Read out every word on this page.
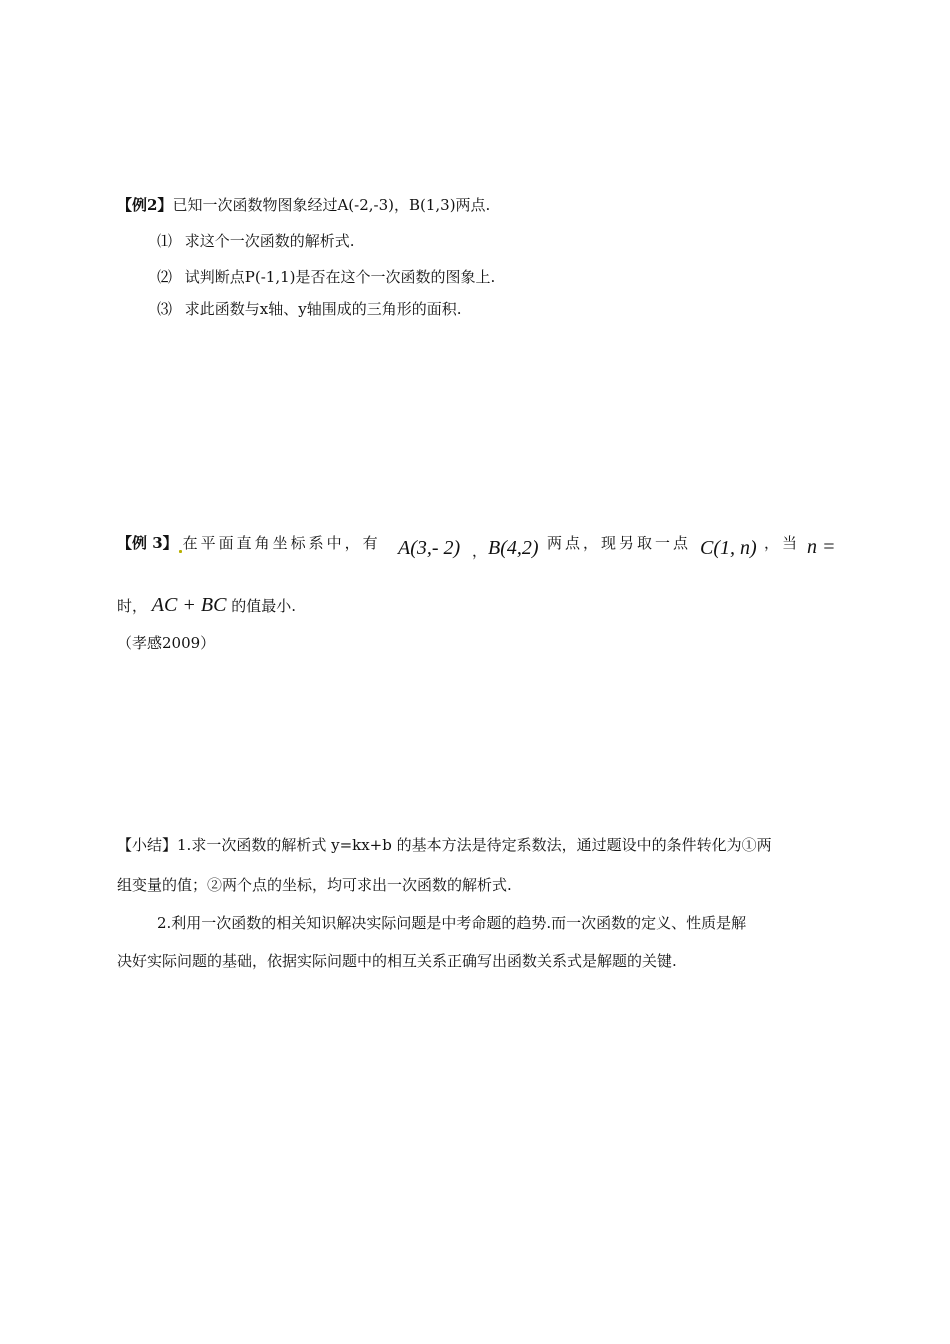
【例2】已知一次函数物图象经过A(-2,-3)，B(1,3)两点.
⑴ 求这个一次函数的解析式.
⑵ 试判断点P(-1,1)是否在这个一次函数的图象上.
⑶ 求此函数与x轴、y轴围成的三角形的面积.
【例 3】 在平面直角坐标系中，有 A(3,- 2) ， B(4,2) 两点，现另取一点 C(1, n) ，当 n =
时， AC + BC 的值最小.
（孝感2009）
【小结】1.求一次函数的解析式 y=kx+b 的基本方法是待定系数法，通过题设中的条件转化为①两
组变量的值；②两个点的坐标，均可求出一次函数的解析式.
2.利用一次函数的相关知识解决实际问题是中考命题的趋势.而一次函数的定义、性质是解
决好实际问题的基础，依据实际问题中的相互关系正确写出函数关系式是解题的关键.
